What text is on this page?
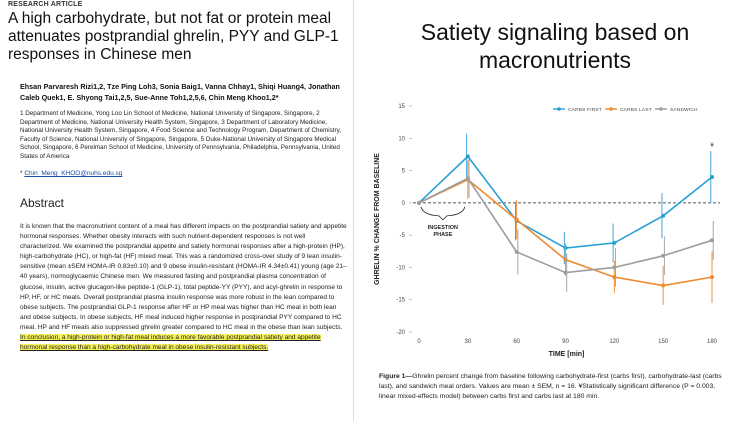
RESEARCH ARTICLE
A high carbohydrate, but not fat or protein meal attenuates postprandial ghrelin, PYY and GLP-1 responses in Chinese men
Ehsan Parvaresh Rizi1,2, Tze Ping Loh3, Sonia Baig1, Vanna Chhay1, Shiqi Huang4, Jonathan Caleb Quek1, E. Shyong Tai1,2,5, Sue-Anne Toh1,2,5,6, Chin Meng Khoo1,2*
1 Department of Medicine, Yong Loo Lin School of Medicine, National University of Singapore, Singapore, 2 Department of Medicine, National University Health System, Singapore, 3 Department of Laboratory Medicine, National University Health System, Singapore, 4 Food Science and Technology Program, Department of Chemistry, Faculty of Science, National University of Singapore, Singapore, 5 Duke-National University of Singapore Medical School, Singapore, 6 Perelman School of Medicine, University of Pennsylvania, Philadelphia, Pennsylvania, United States of America
* Chin_Meng_KHOO@nuhs.edu.sg
Abstract
It is known that the macronutrient content of a meal has different impacts on the postprandial satiety and appetite hormonal responses. Whether obesity interacts with such nutrient-dependent responses is not well characterized. We examined the postprandial appetite and satiety hormonal responses after a high-protein (HP), high-carbohydrate (HC), or high-fat (HF) mixed meal. This was a randomized cross-over study of 9 lean insulin-sensitive (mean ±SEM HOMA-IR 0.83±0.10) and 9 obese insulin-resistant (HOMA-IR 4.34±0.41) young (age 21–40 years), normoglycaemic Chinese men. We measured fasting and postprandial plasma concentration of glucose, insulin, active glucagon-like peptide-1 (GLP-1), total peptide-YY (PYY), and acyl-ghrelin in response to HP, HF, or HC meals. Overall postprandial plasma insulin response was more robust in the lean compared to obese subjects. The postprandial GLP-1 response after HF or HP meal was higher than HC meal in both lean and obese subjects. In obese subjects, HF meal induced higher response in postprandial PYY compared to HC meal. HP and HF meals also suppressed ghrelin greater compared to HC meal in the obese than lean subjects. In conclusion, a high-protein or high-fat meal induces a more favorable postprandial satiety and appetite hormonal response than a high-carbohydrate meal in obese insulin-resistant subjects.
Satiety signaling based on macronutrients
15
10
5
0
-5
-10
-15
-20
0	30	60	90	120	150	180
GHRELIN % CHANGE FROM BASELINE
TIME [min]
INGESTION
PHASE
¥
CARBS FIRST	CARBS LAST	SANDWICH
Figure 1—Ghrelin percent change from baseline following carbohydrate-first (carbs first), carbohydrate-last (carbs last), and sandwich meal orders. Values are mean ± SEM, n = 16. ¥Statistically significant difference (P = 0.003, linear mixed-effects model) between carbs first and carbs last at 180 min.
